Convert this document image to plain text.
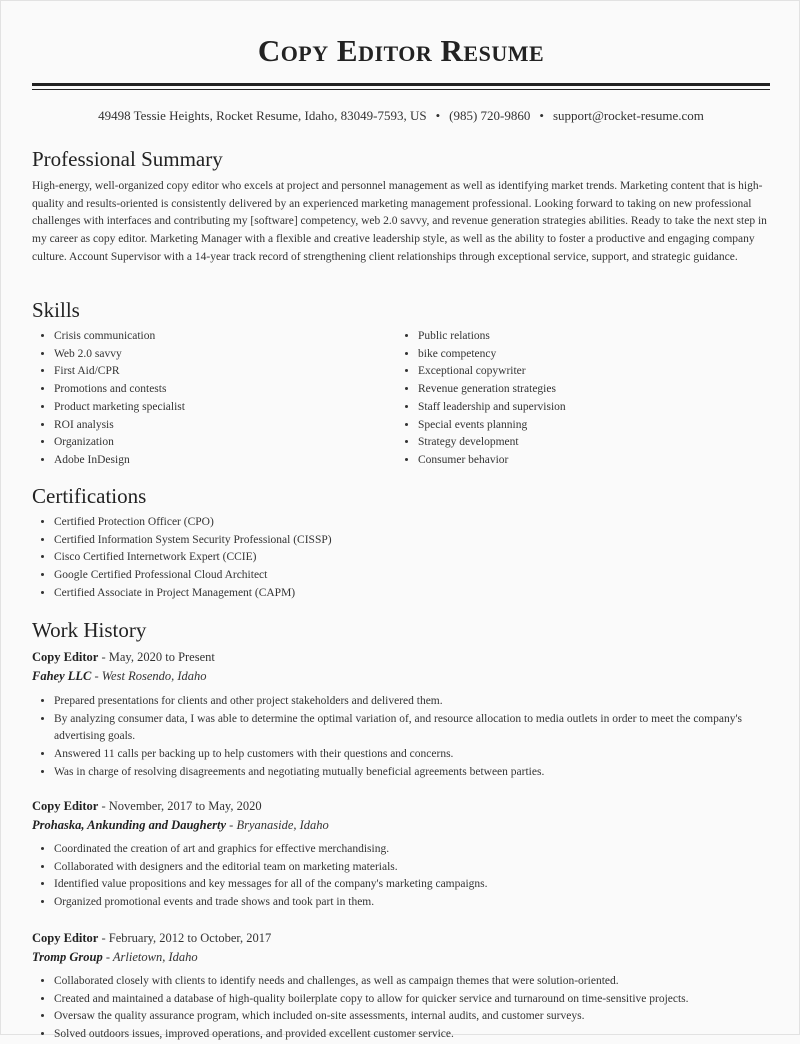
Copy Editor Resume
49498 Tessie Heights, Rocket Resume, Idaho, 83049-7593, US • (985) 720-9860 • support@rocket-resume.com
Professional Summary

High-energy, well-organized copy editor who excels at project and personnel management as well as identifying market trends. Marketing content that is high-quality and results-oriented is consistently delivered by an experienced marketing management professional. Looking forward to taking on new professional challenges with interfaces and contributing my [software] competency, web 2.0 savvy, and revenue generation strategies abilities. Ready to take the next step in my career as copy editor. Marketing Manager with a flexible and creative leadership style, as well as the ability to foster a productive and engaging company culture. Account Supervisor with a 14-year track record of strengthening client relationships through exceptional service, support, and strategic guidance.

Skills
• Crisis communication
• Web 2.0 savvy
• First Aid/CPR
• Promotions and contests
• Product marketing specialist
• ROI analysis
• Organization
• Adobe InDesign
• Public relations
• bike competency
• Exceptional copywriter
• Revenue generation strategies
• Staff leadership and supervision
• Special events planning
• Strategy development
• Consumer behavior
Certifications
• Certified Protection Officer (CPO)
• Certified Information System Security Professional (CISSP)
• Cisco Certified Internetwork Expert (CCIE)
• Google Certified Professional Cloud Architect
• Certified Associate in Project Management (CAPM)
Work History
Copy Editor - May, 2020 to Present
Fahey LLC - West Rosendo, Idaho
• Prepared presentations for clients and other project stakeholders and delivered them.
• By analyzing consumer data, I was able to determine the optimal variation of, and resource allocation to media outlets in order to meet the company's advertising goals.
• Answered 11 calls per backing up to help customers with their questions and concerns.
• Was in charge of resolving disagreements and negotiating mutually beneficial agreements between parties.
Copy Editor - November, 2017 to May, 2020
Prohaska, Ankunding and Daugherty - Bryanaside, Idaho
• Coordinated the creation of art and graphics for effective merchandising.
• Collaborated with designers and the editorial team on marketing materials.
• Identified value propositions and key messages for all of the company's marketing campaigns.
• Organized promotional events and trade shows and took part in them.
Copy Editor - February, 2012 to October, 2017
Tromp Group - Arlietown, Idaho
• Collaborated closely with clients to identify needs and challenges, as well as campaign themes that were solution-oriented.
• Created and maintained a database of high-quality boilerplate copy to allow for quicker service and turnaround on time-sensitive projects.
• Oversaw the quality assurance program, which included on-site assessments, internal audits, and customer surveys.
• Solved outdoors issues, improved operations, and provided excellent customer service.
